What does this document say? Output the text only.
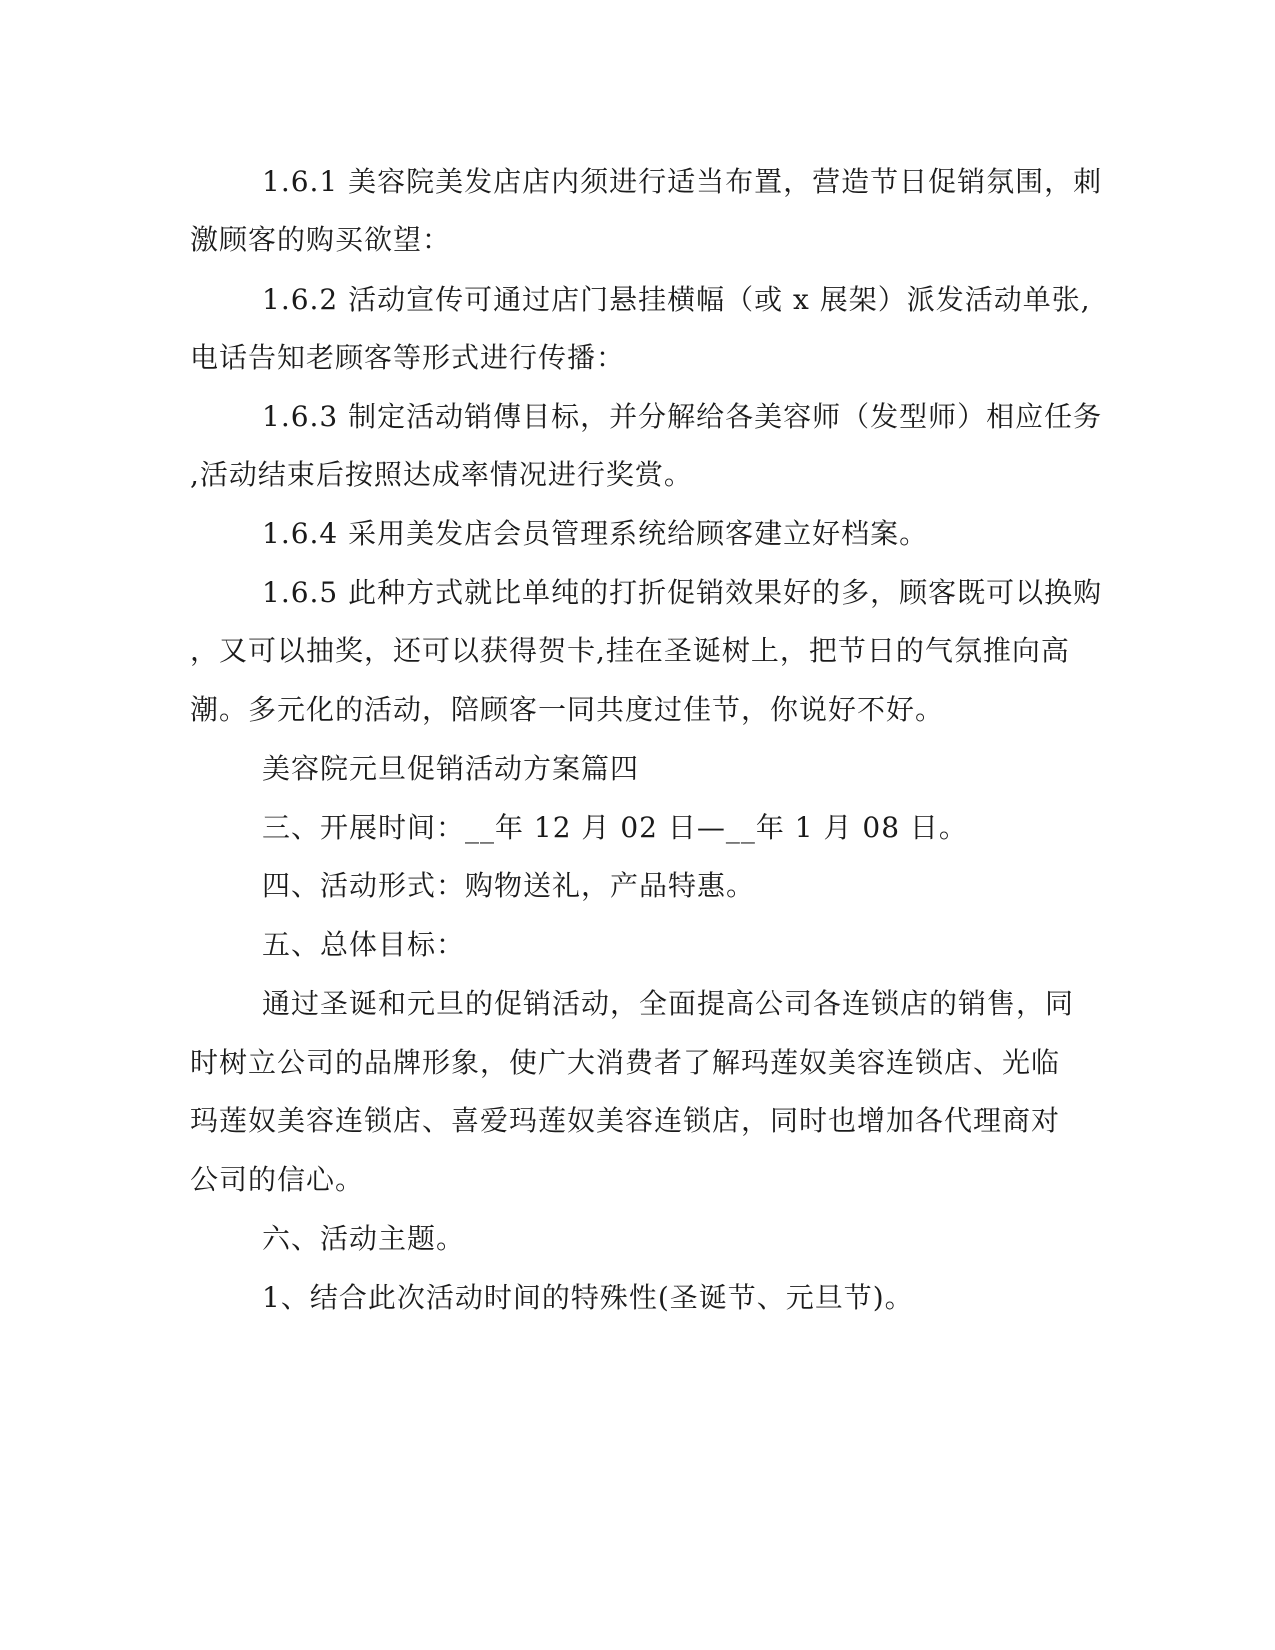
1.6.1 美容院美发店店内须进行适当布置，营造节日促销氛围，刺
激顾客的购买欲望：
1.6.2 活动宣传可通过店门悬挂横幅（或 x 展架）派发活动单张,
电话告知老顾客等形式进行传播：
1.6.3 制定活动销傳目标，并分解给各美容师（发型师）相应任务
,活动结束后按照达成率情况进行奖赏。
1.6.4 采用美发店会员管理系统给顾客建立好档案。
1.6.5 此种方式就比单纯的打折促销效果好的多，顾客既可以换购
，又可以抽奖，还可以获得贺卡,挂在圣诞树上，把节日的气氛推向高
潮。多元化的活动，陪顾客一同共度过佳节，你说好不好。
美容院元旦促销活动方案篇四
三、开展时间：__年 12 月 02 日—__年 1 月 08 日。
四、活动形式：购物送礼，产品特惠。
五、总体目标：
通过圣诞和元旦的促销活动，全面提高公司各连锁店的销售，同
时树立公司的品牌形象，使广大消费者了解玛莲奴美容连锁店、光临
玛莲奴美容连锁店、喜爱玛莲奴美容连锁店，同时也增加各代理商对
公司的信心。
六、活动主题。
1、结合此次活动时间的特殊性(圣诞节、元旦节)。
